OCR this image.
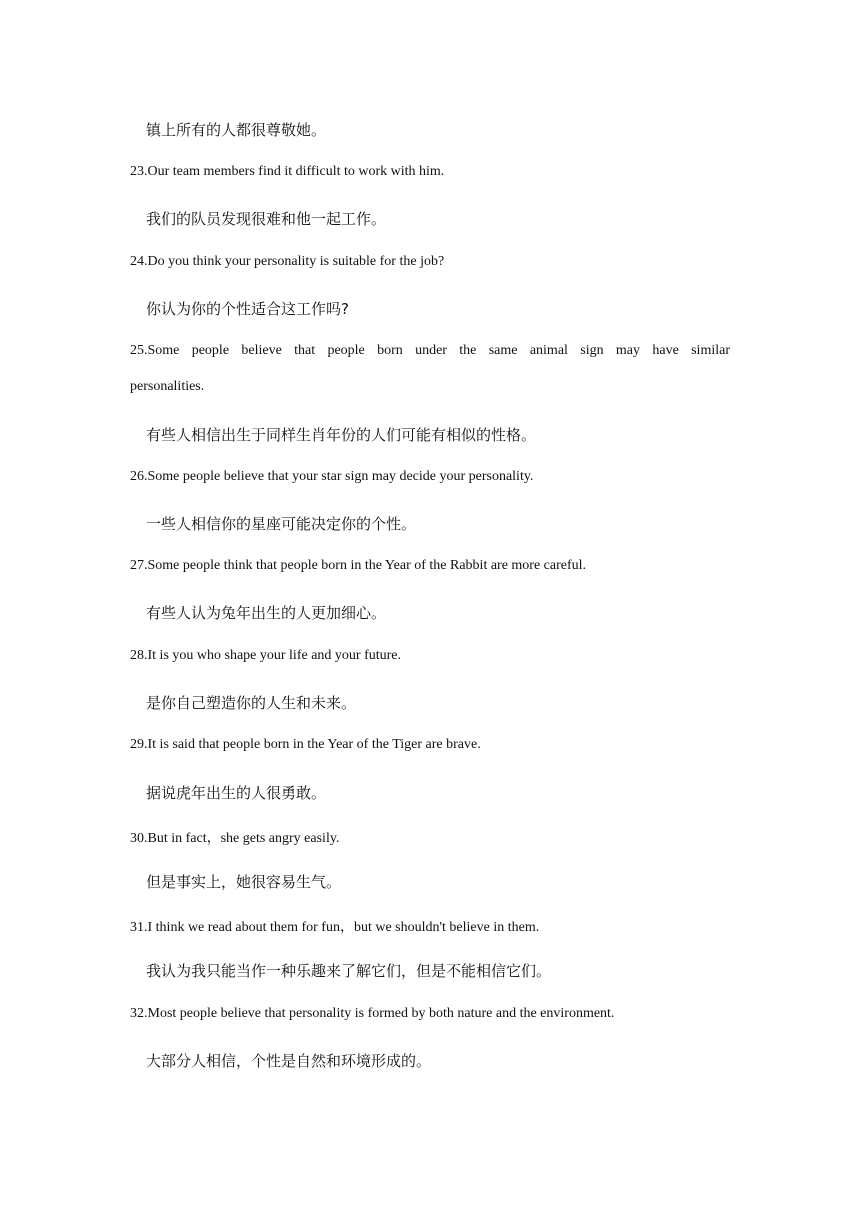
镇上所有的人都很尊敬她。

23.Our team members find it difficult to work with him.

我们的队员发现很难和他一起工作。

24.Do you think your personality is suitable for the job?

你认为你的个性适合这工作吗?

25.Some people believe that people born under the same animal sign may have similar

personalities.

有些人相信出生于同样生肖年份的人们可能有相似的性格。

26.Some people believe that your star sign may decide your personality.

一些人相信你的星座可能决定你的个性。

27.Some people think that people born in the Year of the Rabbit are more careful.

有些人认为兔年出生的人更加细心。

28.It is you who shape your life and your future.

是你自己塑造你的人生和未来。

29.It is said that people born in the Year of the Tiger are brave.

据说虎年出生的人很勇敢。

30.But in fact，she gets angry easily.

但是事实上，她很容易生气。

31.I think we read about them for fun，but we shouldn't believe in them.

我认为我只能当作一种乐趣来了解它们，但是不能相信它们。

32.Most people believe that personality is formed by both nature and the environment.

大部分人相信，个性是自然和环境形成的。
